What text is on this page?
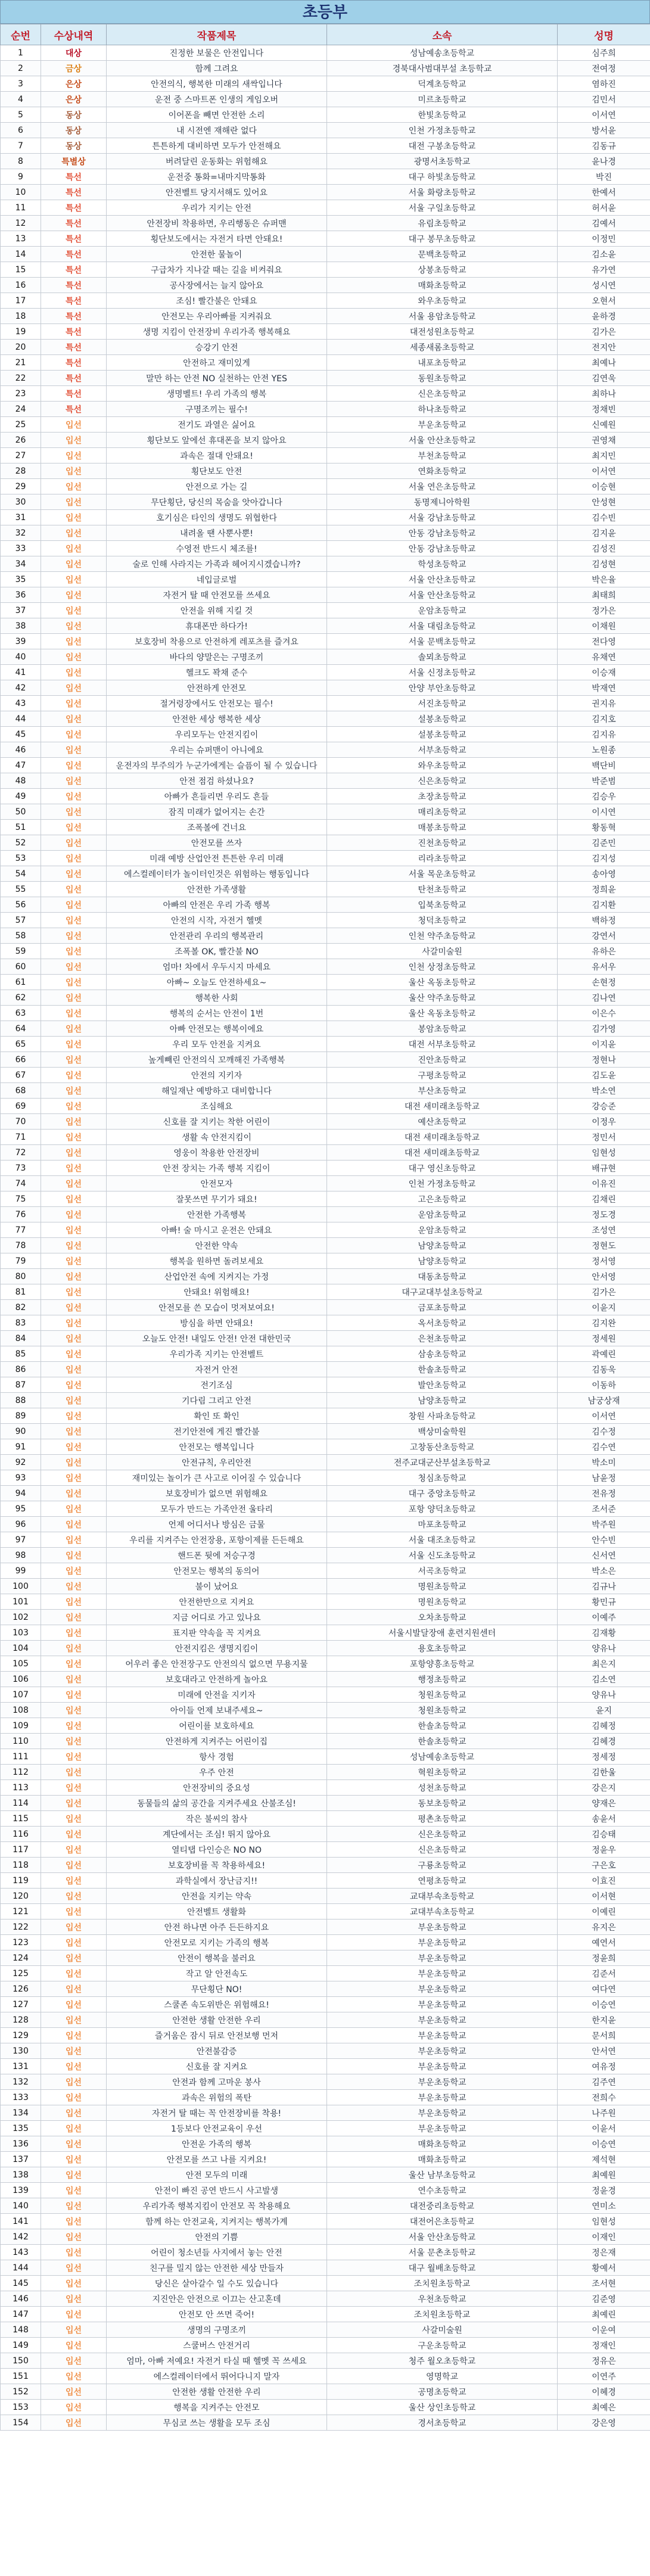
초등부
순번	수상내역	작품제목	소속	성명
1	대상	진정한 보물은 안전입니다	성남예송초등학교	심주희
2	금상	함께 그려요	경북대사범대부설 초등학교	전여정
3	은상	안전의식, 행복한 미래의 새싹입니다	덕계초등학교	염하진
4	은상	운전 중 스마트폰 인생의 게임오버	미르초등학교	김민서
5	동상	이어폰을 빼면 안전한 소리	한빛초등학교	이서연
6	동상	내 시전엔 재해란 없다	인천 가정초등학교	방서윤
7	동상	튼튼하게 대비하면 모두가 안전해요	대전 구봉초등학교	김동규
8	특별상	버려달린 운동화는 위험해요	광명서초등학교	윤나경
9	특선	운전중 통화=내마지막통화	대구 하빛초등학교	박진
10	특선	안전벨트 당지서해도 있어요	서울 화랑초등학교	한예서
11	특선	우리가 지키는 안전	서울 구일초등학교	허서윤
12	특선	안전장비 착용하면, 우리행동은 슈퍼맨	유림초등학교	김예서
13	특선	횡단보도에서는 자전거 타면 안돼요!	대구 봉무초등학교	이정민
14	특선	안전한 물놀이	문백초등학교	김소윤
15	특선	구급차가 지나갈 때는 길을 비켜줘요	상봉초등학교	유가연
16	특선	공사장에서는 늘지 않아요	매화초등학교	성시연
17	특선	조심! 빨간불은 안돼요	와우초등학교	오현서
18	특선	안전모는 우리아빠를 지켜줘요	서울 용암초등학교	윤하경
19	특선	생명 지킴이 안전장비 우리가족 행복해요	대전성원초등학교	김가은
20	특선	승강기 안전	세종새롬초등학교	전지안
21	특선	안전하고 재미있게	내포초등학교	최예나
22	특선	말만 하는 안전 NO 실천하는 안전 YES	동원초등학교	김연욱
23	특선	생명벨트! 우리 가족의 행복	신은초등학교	최하나
24	특선	구명조끼는 필수!	하나초등학교	정채빈
25	입선	전기도 과열은 싫어요	부운초등학교	신예원
26	입선	횡단보도 앞에선 휴대폰을 보지 않아요	서울 안산초등학교	권영채
27	입선	과속은 절대 안돼요!	부천초등학교	최지민
28	입선	횡단보도 안전	연화초등학교	이서연
29	입선	안전으로 가는 길	서울 연은초등학교	이승현
30	입선	무단횡단, 당신의 목숨을 앗아갑니다	동명제니아학원	안성현
31	입선	호기심은 타인의 생명도 위협한다	서울 강남초등학교	김수빈
32	입선	내려올 땐 사뿐사뿐!	안동 강남초등학교	김지윤
33	입선	수영전 반드시 체조를!	안동 강남초등학교	김성진
34	입선	술로 인해 사라지는 가족과 헤어지시겠습니까?	학성초등학교	김성현
35	입선	네입글로벌	서울 안산초등학교	박은율
36	입선	자전거 탈 때 안전모를 쓰세요	서울 안산초등학교	최태희
37	입선	안전을 위해 지킬 것	운암초등학교	정가은
38	입선	휴대폰만 하다가!	서울 대림초등학교	이채원
39	입선	보호장비 착용으로 안전하게 레포츠를 즐겨요	서울 문백초등학교	전다영
40	입선	바다의 양말은는 구명조끼	솔뫼초등학교	유채연
41	입선	헬크도 꽉채 준수	서울 신정초등학교	이승재
42	입선	안전하게 안전모	안양 부안초등학교	박재연
43	입선	절거렁장에서도 안전모는 필수!	서진초등학교	권지유
44	입선	안전한 세상 행복한 세상	설봉초등학교	김지호
45	입선	우리모두는 안전지킴이	설봉초등학교	김지유
46	입선	우리는 슈퍼맨이 아니에요	서부초등학교	노원종
47	입선	운전자의 부주의가 누군가에게는 슬픔이 될 수 있습니다	와우초등학교	백단비
48	입선	안전 점검 하셨나요?	신은초등학교	박준범
49	입선	아빠가 흔들리면 우리도 흔들	초장초등학교	김승우
50	입선	잠직 미래가 없어지는 손간	매리초등학교	이시연
51	입선	조폭볼에 건너요	매봉초등학교	황동혁
52	입선	안전모를 쓰자	진천초등학교	김준민
53	입선	미래 예방 산업안전 튼튼한 우리 미래	리라초등학교	김지성
54	입선	에스컬레이터가 놀이터인것은 위험하는 행동입니다	서울 목운초등학교	송아영
55	입선	안전한 가족생활	탄천초등학교	정희윤
56	입선	아빠의 안전은 우리 가족 행복	입북초등학교	김지환
57	입선	안전의 시작, 자전거 헬멧	청덕초등학교	백하정
58	입선	안전관리 우리의 행복관리	인천 약주초등학교	강연서
59	입선	조폭볼 OK, 빨간불 NO	사갈미술원	유하은
60	입선	엄마! 차에서 우두시지 마세요	인천 상정초등학교	유서우
61	입선	아빠~ 오늘도 안전하세요~	울산 옥동초등학교	손현정
62	입선	행복한 사회	울산 약주초등학교	김나연
63	입선	행복의 순서는 안전이 1번	울산 옥동초등학교	이은수
64	입선	아빠 안전모는 행복이에요	봉암초등학교	김가영
65	입선	우리 모두 안전을 지켜요	대전 서부초등학교	이지윤
66	입선	높게빼린 안전의식 꼬깨해진 가족행복	진안초등학교	정현나
67	입선	안전의 지키자	구평초등학교	김도윤
68	입선	해일재난 예방하고 대비합니다	부산초등학교	박소연
69	입선	조심해요	대전 새미래초등학교	강승준
70	입선	신호를 잘 지키는 착한 어린이	예산초등학교	이정우
71	입선	생활 속 안전지킴이	대전 새미래초등학교	정민서
72	입선	영웅이 착용한 안전장비	대전 새미래초등학교	임현성
73	입선	안전 장치는 가족 행복 지킴이	대구 영신초등학교	배규현
74	입선	안전모자	인천 가정초등학교	이유진
75	입선	잘못쓰면 무기가 돼요!	고은초등학교	김채린
76	입선	안전한 가족행복	운암초등학교	정도경
77	입선	아빠! 술 마시고 운전은 안돼요	운암초등학교	조성연
78	입선	안전한 약속	남양초등학교	정현도
79	입선	행복을 원하면 돌려보세요	남양초등학교	정서영
80	입선	산업안전 속에 지켜지는 가정	대동초등학교	안서영
81	입선	안돼요! 위험해요!	대구교대부설초등학교	김가은
82	입선	안전모를 쓴 모습이 멋져보여요!	금포초등학교	이윤지
83	입선	방심을 하면 안돼요!	옥서초등학교	김지완
84	입선	오늘도 안전! 내일도 안전! 안전 대한민국	은천초등학교	정세원
85	입선	우리가족 지키는 안전벨트	삼송초등학교	곽예린
86	입선	자전거 안전	한솔초등학교	김동욱
87	입선	전기조심	발안초등학교	이동하
88	입선	기다림 그리고 안전	남양초등학교	남궁상재
89	입선	확인 또 확인	창원 사파초등학교	이서연
90	입선	전기안전에 게진 빨간불	백상미술학원	김수정
91	입선	안전모는 행복입니다	고창동산초등학교	김수연
92	입선	안전규칙, 우리안전	전주교대군산부설초등학교	박소미
93	입선	재미있는 놀이가 큰 사고로 이어질 수 있습니다	청심초등학교	남윤정
94	입선	보호장비가 없으면 위험해요	대구 중앙초등학교	전유정
95	입선	모두가 만드는 가족안전 울타리	포항 양덕초등학교	조서준
96	입선	언제 어디서나 방심은 금물	마포초등학교	박주원
97	입선	우리를 지켜주는 안전장용, 포항이제를 든든해요	서울 대조초등학교	안수빈
98	입선	핸드폰 뒷에 저승구경	서울 신도초등학교	신서연
99	입선	안전모는 행복의 동의어	서곡초등학교	박소은
100	입선	불이 났어요	명원초등학교	김규나
101	입선	안전한만으로 지켜요	명원초등학교	황민규
102	입선	지금 어디로 가고 있나요	오차초등학교	이예주
103	입선	표지판 약속을 꼭 지켜요	서울시발달장애 훈련지원센터	김재황
104	입선	안전지킴은 생명지킴이	용호초등학교	양유나
105	입선	어우러 좋은 안전장구도 안전의식 없으면 무용지물	포항양흥초등학교	최은지
106	입선	보호대라고 안전하게 놀아요	행정초등학교	김소연
107	입선	미래에 안전을 지키자	청원초등학교	양유나
108	입선	아이들 언제 보내주세요~	청원초등학교	윤지
109	입선	어린이를 보호하세요	한솔초등학교	김혜정
110	입선	안전하게 지켜주는 어린이집	한솔초등학교	김혜경
111	입선	항사 경험	성남예송초등학교	정세정
112	입선	우주 안전	혁원초등학교	김한울
113	입선	안전장비의 중요성	성천초등학교	강은지
114	입선	동물들의 삶의 공간을 지켜주세요 산불조심!	동보초등학교	양재은
115	입선	작은 불씨의 참사	평촌초등학교	송윤서
116	입선	계단에서는 조심! 뛰지 않아요	신은초등학교	김승태
117	입선	열티탭 다인승은 NO NO	신은초등학교	정윤우
118	입선	보호장비를 꼭 착용하세요!	구룡초등학교	구은호
119	입선	과학실에서 장난금지!!	연평초등학교	이효진
120	입선	안전을 지키는 약속	교대부속초등학교	이서현
121	입선	안전벨트 생활화	교대부속초등학교	이예린
122	입선	안전 하나면 아주 든든하지요	부운초등학교	유지은
123	입선	안전모로 지키는 가족의 행복	부운초등학교	예연서
124	입선	안전이 행복을 불러요	부운초등학교	정윤희
125	입선	작고 알 안전속도	부운초등학교	김준서
126	입선	무단횡단 NO!	부운초등학교	여다연
127	입선	스쿨존 속도위반은 위험해요!	부운초등학교	이승연
128	입선	안전한 생활 안전한 우리	부운초등학교	한지윤
129	입선	즐거움은 잠시 뒤로 안전보행 먼저	부운초등학교	문서희
130	입선	안전불감증	부운초등학교	안서연
131	입선	신호를 잘 지켜요	부운초등학교	여유정
132	입선	안전과 함께 고마운 봉사	부운초등학교	김주연
133	입선	과속은 위험의 폭탄	부운초등학교	전희수
134	입선	자전거 탈 때는 꼭 안전장비를 착용!	부운초등학교	나주원
135	입선	1등보다 안전교육이 우선	부운초등학교	이윤서
136	입선	안전운 가족의 행복	매화초등학교	이승연
137	입선	안전모를 쓰고 나를 지켜요!	매화초등학교	제석현
138	입선	안전 모두의 미래	울산 남부초등학교	최예원
139	입선	안전이 빠진 공연 반드시 사고발생	연수초등학교	정윤경
140	입선	우리가족 행복지킴이 안전모 꼭 착용해요	대전중리초등학교	연미소
141	입선	함께 하는 안전교육, 지켜지는 행복가계	대전어은초등학교	임현성
142	입선	안전의 기쁨	서울 안산초등학교	이재인
143	입선	어린이 청소년들 사지에서 놓는 안전	서울 문촌초등학교	정은재
144	입선	친구를 밀지 않는 안전한 세상 만들자	대구 월배초등학교	황예서
145	입선	당신은 살아갈수 일 수도 있습니다	조치원초등학교	조서현
146	입선	지진안은 안전으로 이끄는 산고혼데	우천초등학교	김준영
147	입선	안전모 안 쓰면 죽어!	조치원초등학교	최예린
148	입선	생명의 구명조끼	사갈미술원	이운여
149	입선	스쿨버스 안전거리	구운초등학교	정재인
150	입선	엄마, 아빠 저예요! 자전거 타실 때 헬멧 꼭 쓰세요	청주 월오초등학교	정유은
151	입선	에스컬레이터에서 뛰어다니지 말자	영명학교	이연주
152	입선	안전한 생활 안전한 우리	공명초등학교	이혜경
153	입선	행복을 지켜주는 안전모	울산 상인초등학교	최예은
154	입선	무심코 쓰는 생활을 모두 조심	경서초등학교	강은영
